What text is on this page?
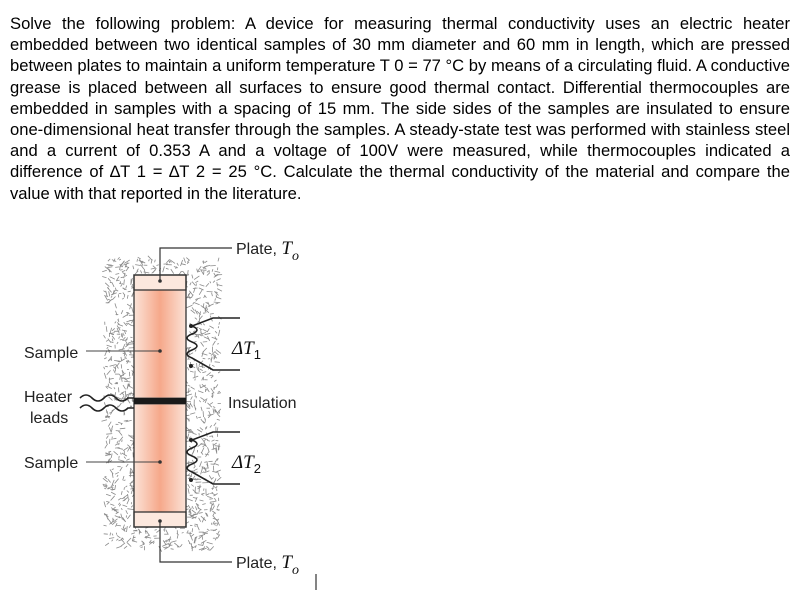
Solve the following problem: A device for measuring thermal conductivity uses an electric heater embedded between two identical samples of 30 mm diameter and 60 mm in length, which are pressed between plates to maintain a uniform temperature T 0 = 77 °C by means of a circulating fluid. A conductive grease is placed between all surfaces to ensure good thermal contact. Differential thermocouples are embedded in samples with a spacing of 15 mm. The side sides of the samples are insulated to ensure one-dimensional heat transfer through the samples. A steady-state test was performed with stainless steel and a current of 0.353 A and a voltage of 100V were measured, while thermocouples indicated a difference of ∆T 1 = ∆T 2 = 25 °C. Calculate the thermal conductivity of the material and compare the value with that reported in the literature.

Plate, To
Plate, To
Sample
Sample
Heater
leads
Insulation
$\Delta T_1$
$\Delta T_2$
